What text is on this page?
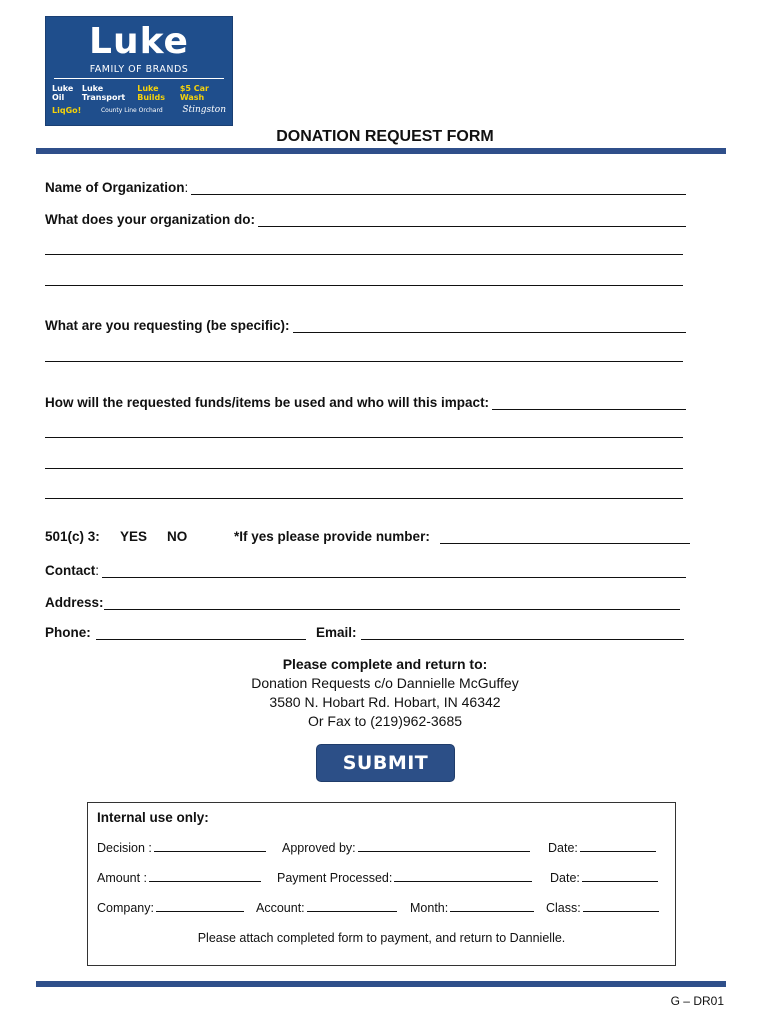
Luke
FAMILY OF BRANDS
Luke Oil
Luke Transport
Luke Builds
$5 Car Wash
LiqGo!	County Line Orchard Stingston
DONATION REQUEST FORM
Name of Organization:
What does your organization do:
What are you requesting (be specific):
How will the requested funds/items be used and who will this impact:
501(c) 3: YES NO	*If yes please provide number:
Contact:
Address:
Phone:	Email:
Please complete and return to:
Donation Requests c/o Dannielle McGuffey
3580 N. Hobart Rd. Hobart, IN 46342
Or Fax to (219)962-3685
SUBMIT
Internal use only:
Decision :	Approved by:	Date:
Amount :	Payment Processed:	Date:
Company:	Account:	Month:	Class:
Please attach completed form to payment, and return to Dannielle.
G – DR01
